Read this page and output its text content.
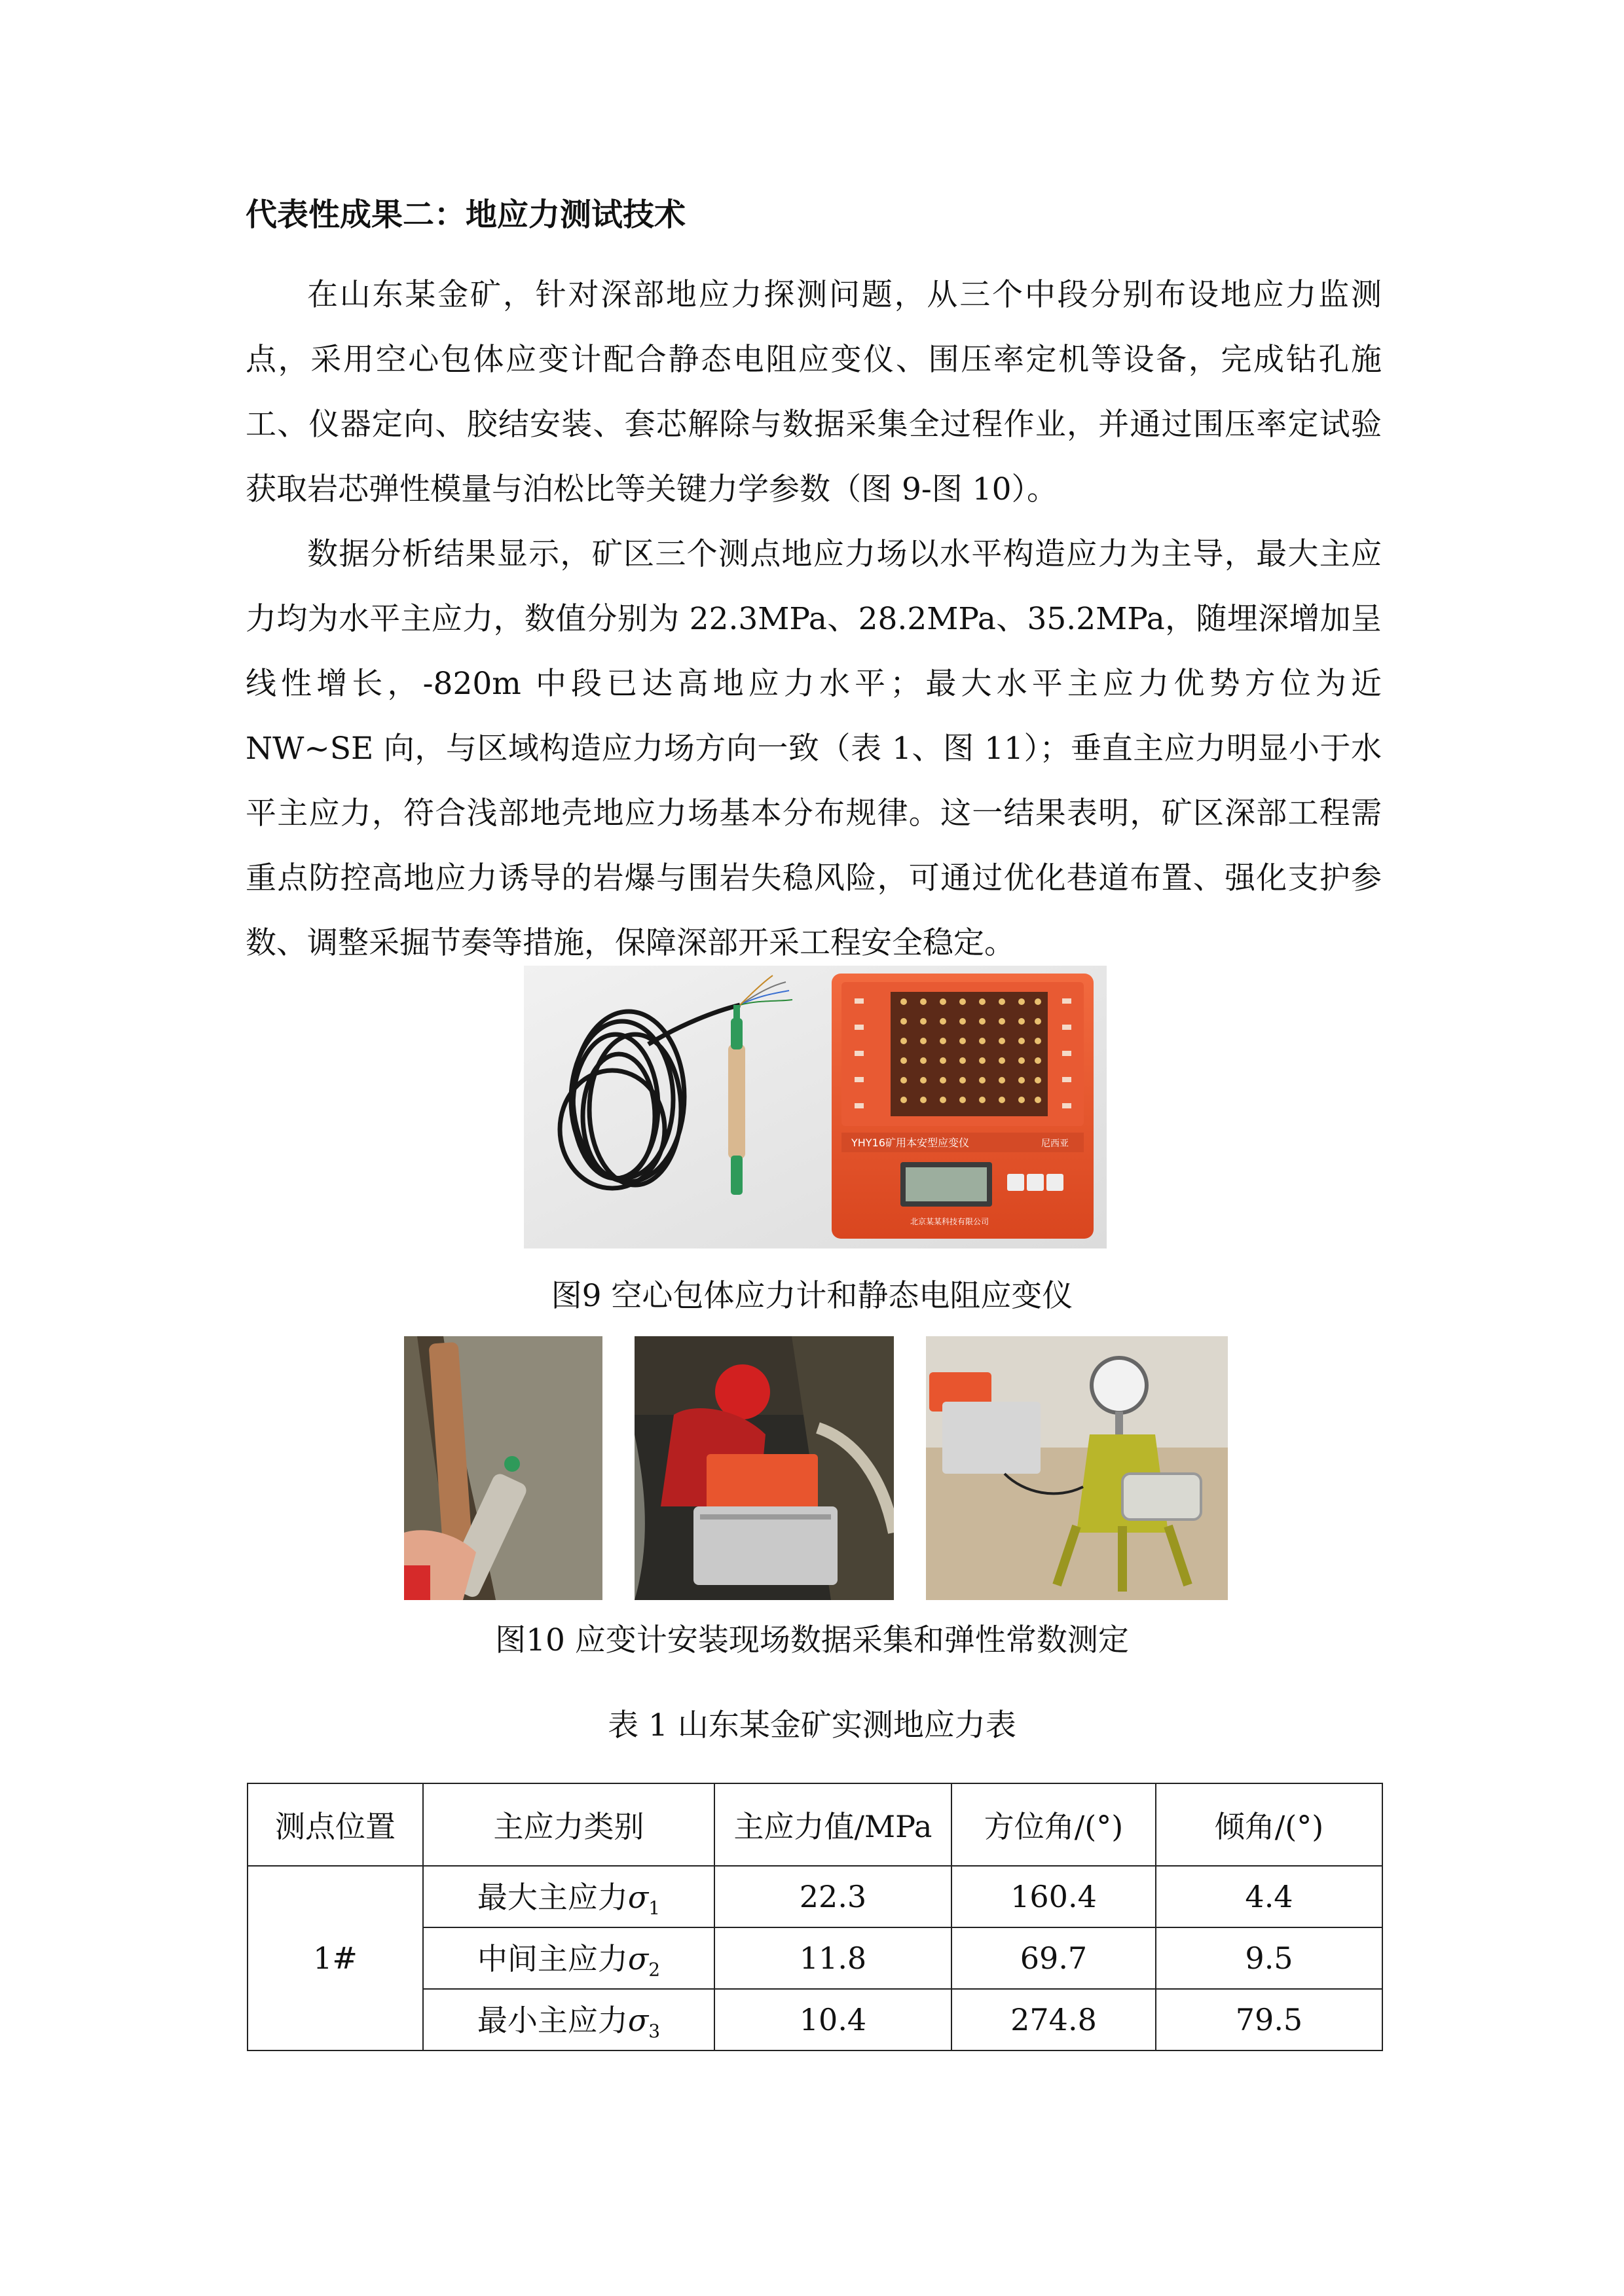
代表性成果二：地应力测试技术
在山东某金矿，针对深部地应力探测问题，从三个中段分别布设地应力监测点，采用空心包体应变计配合静态电阻应变仪、围压率定机等设备，完成钻孔施工、仪器定向、胶结安装、套芯解除与数据采集全过程作业，并通过围压率定试验获取岩芯弹性模量与泊松比等关键力学参数（图 9-图 10）。
数据分析结果显示，矿区三个测点地应力场以水平构造应力为主导，最大主应力均为水平主应力，数值分别为 22.3MPa、28.2MPa、35.2MPa，随埋深增加呈线性增长，-820m 中段已达高地应力水平；最大水平主应力优势方位为近 NW~SE 向，与区域构造应力场方向一致（表 1、图 11）；垂直主应力明显小于水平主应力，符合浅部地壳地应力场基本分布规律。这一结果表明，矿区深部工程需重点防控高地应力诱导的岩爆与围岩失稳风险，可通过优化巷道布置、强化支护参数、调整采掘节奏等措施，保障深部开采工程安全稳定。
YHY16矿用本安型应变仪	尼西亚
北京某某科技有限公司
图9 空心包体应力计和静态电阻应变仪
图10 应变计安装现场数据采集和弹性常数测定
表 1 山东某金矿实测地应力表
测点位置	主应力类别	主应力值/MPa	方位角/(°)	倾角/(°)
1#	最大主应力$\sigma_1$	22.3	160.4	4.4
	中间主应力$\sigma_2$	11.8	69.7	9.5
	最小主应力$\sigma_3$	10.4	274.8	79.5
